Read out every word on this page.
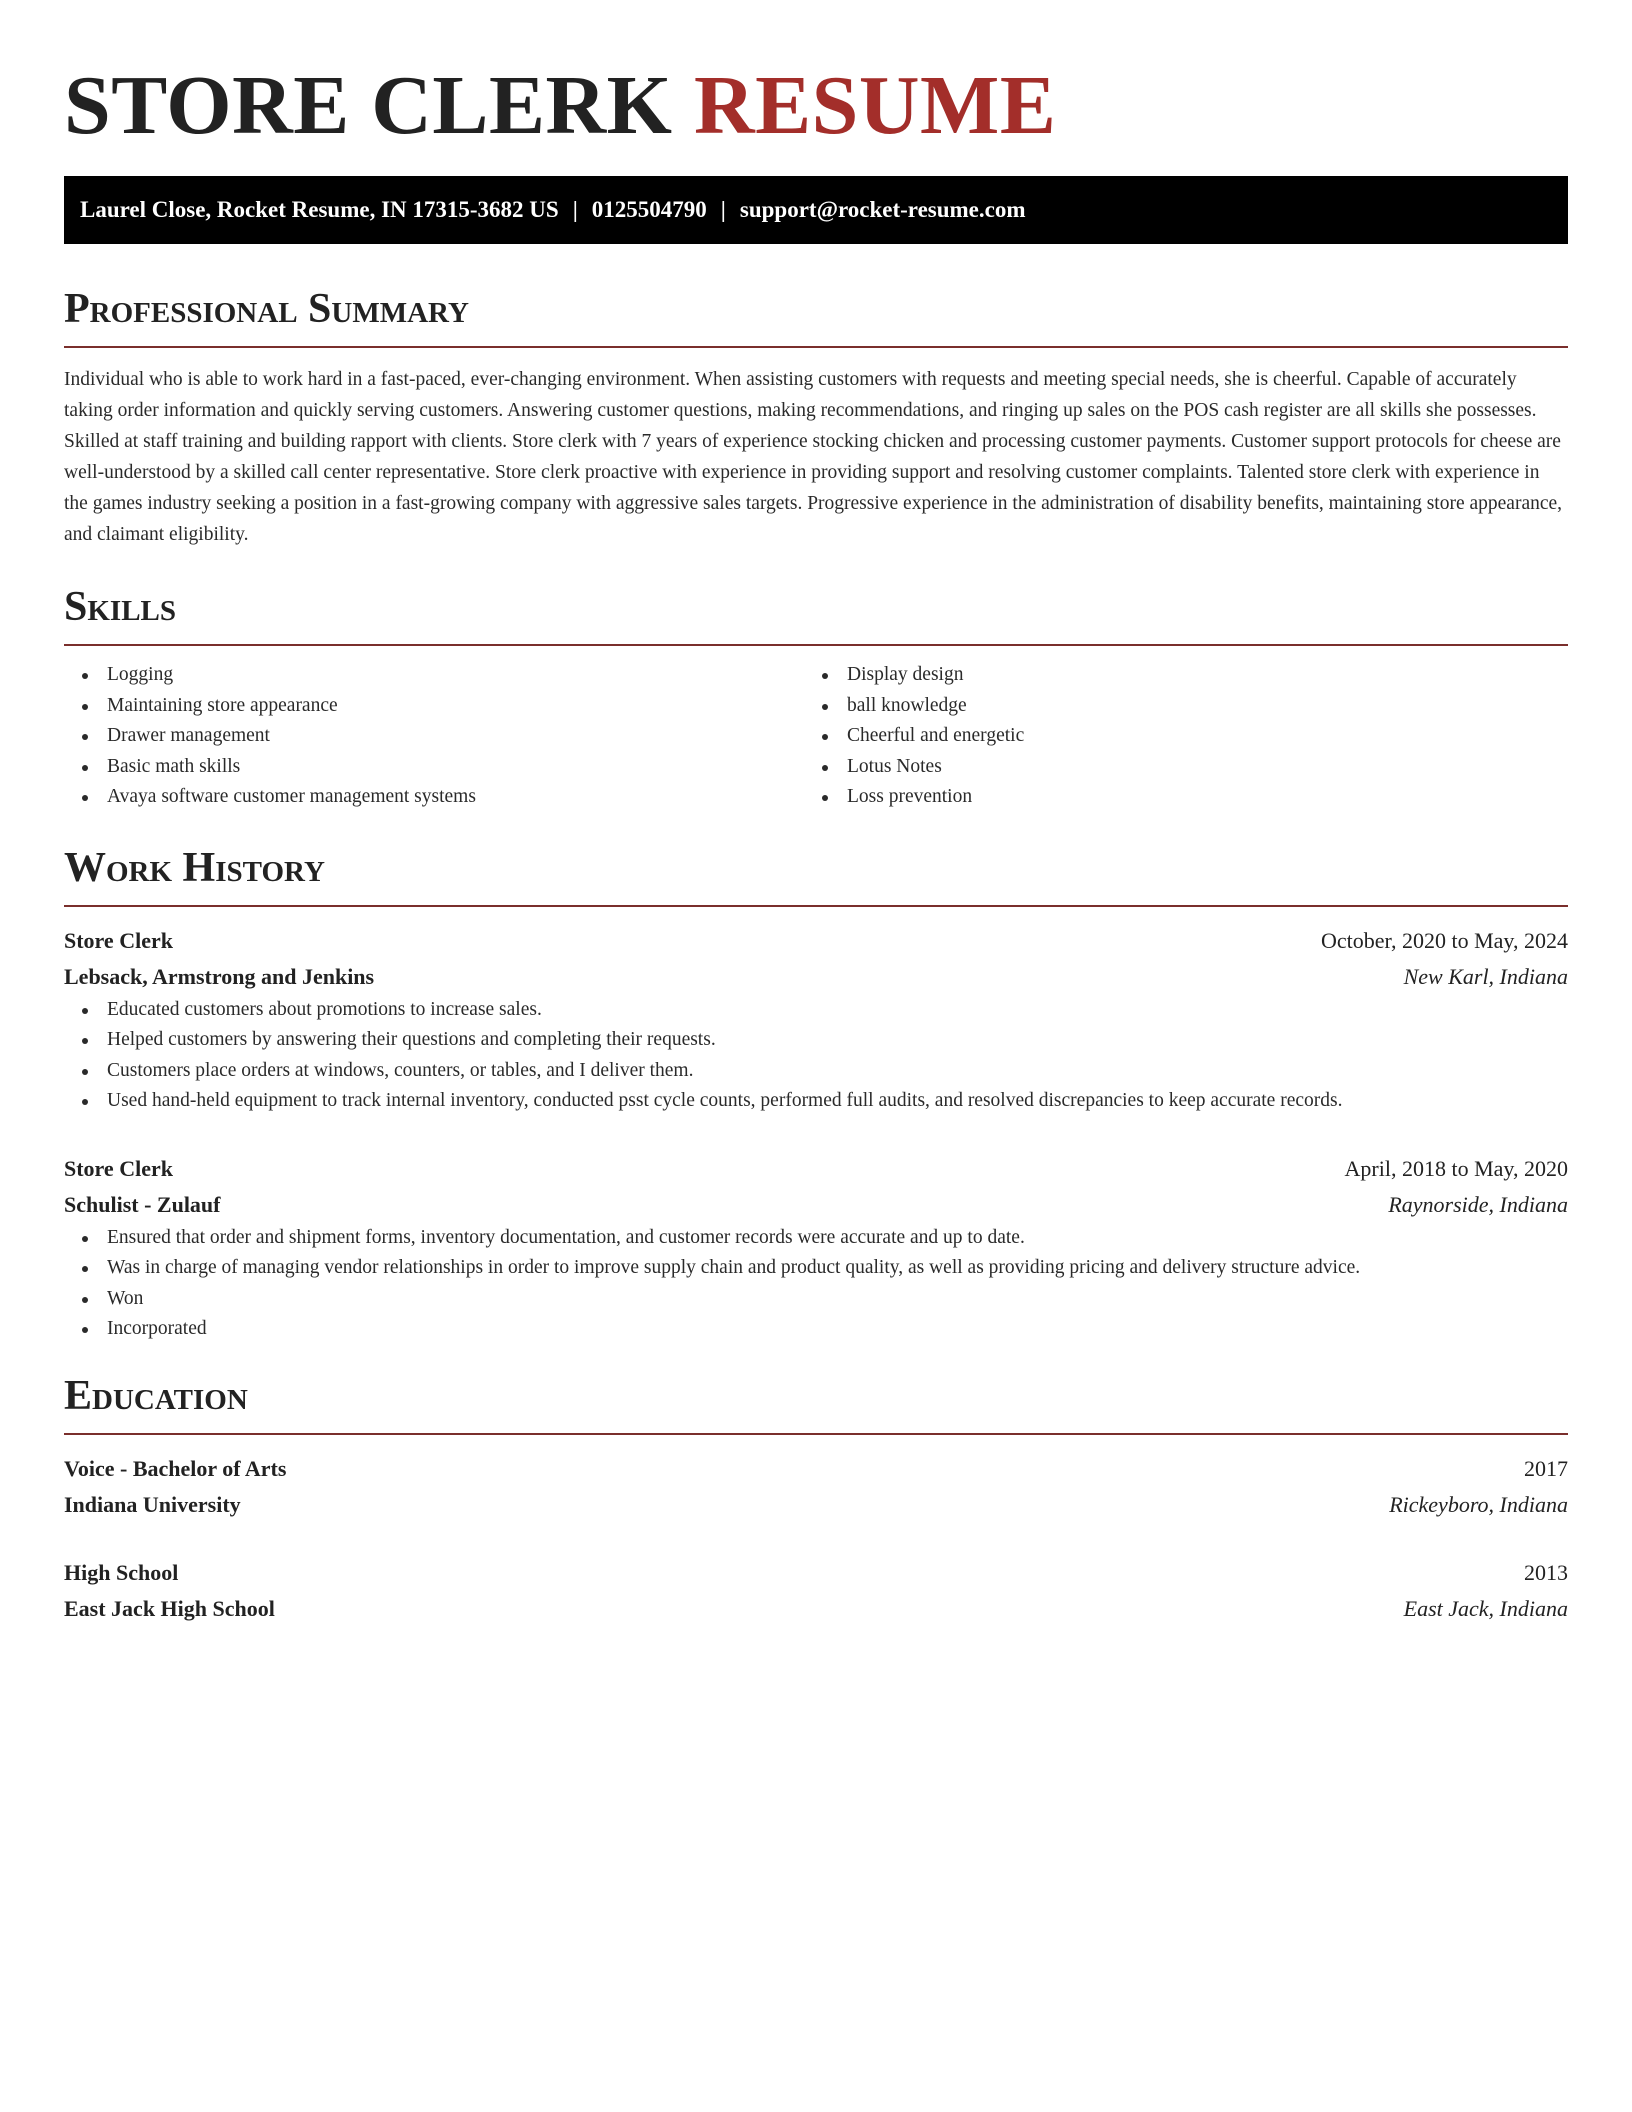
STORE CLERK RESUME
Laurel Close, Rocket Resume, IN 17315-3682 US | 0125504790 | support@rocket-resume.com
Professional Summary

Individual who is able to work hard in a fast-paced, ever-changing environment. When assisting customers with requests and meeting special needs, she is cheerful. Capable of accurately taking order information and quickly serving customers. Answering customer questions, making recommendations, and ringing up sales on the POS cash register are all skills she possesses. Skilled at staff training and building rapport with clients. Store clerk with 7 years of experience stocking chicken and processing customer payments. Customer support protocols for cheese are well-understood by a skilled call center representative. Store clerk proactive with experience in providing support and resolving customer complaints. Talented store clerk with experience in the games industry seeking a position in a fast-growing company with aggressive sales targets. Progressive experience in the administration of disability benefits, maintaining store appearance, and claimant eligibility.

Skills
Logging
Maintaining store appearance
Drawer management
Basic math skills
Avaya software customer management systems
Display design
ball knowledge
Cheerful and energetic
Lotus Notes
Loss prevention
Work History
Store Clerk	October, 2020 to May, 2024
Lebsack, Armstrong and Jenkins	New Karl, Indiana
Educated customers about promotions to increase sales.
Helped customers by answering their questions and completing their requests.
Customers place orders at windows, counters, or tables, and I deliver them.
Used hand-held equipment to track internal inventory, conducted psst cycle counts, performed full audits, and resolved discrepancies to keep accurate records.
Store Clerk	April, 2018 to May, 2020
Schulist - Zulauf	Raynorside, Indiana
Ensured that order and shipment forms, inventory documentation, and customer records were accurate and up to date.
Was in charge of managing vendor relationships in order to improve supply chain and product quality, as well as providing pricing and delivery structure advice.
Won
Incorporated
Education
Voice - Bachelor of Arts	2017
Indiana University	Rickeyboro, Indiana
High School	2013
East Jack High School	East Jack, Indiana
